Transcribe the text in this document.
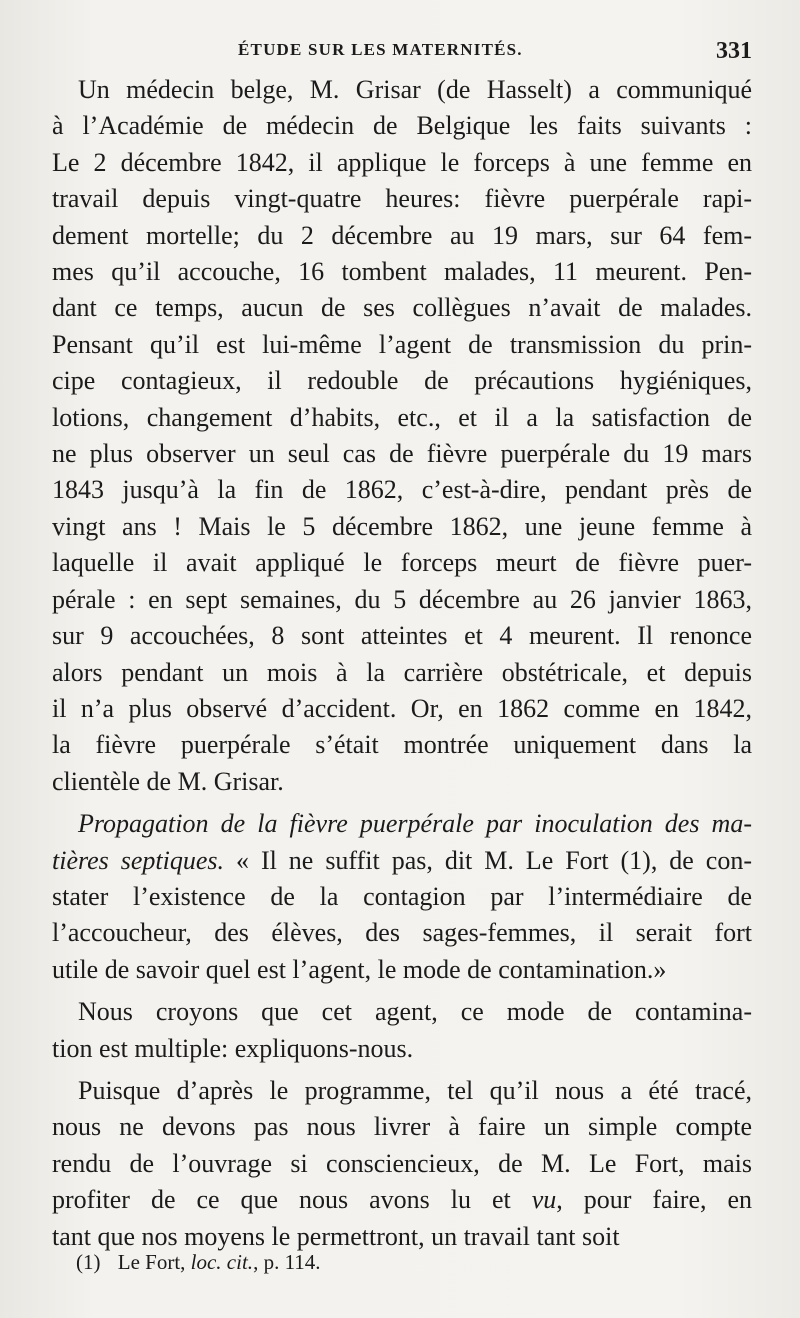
ÉTUDE SUR LES MATERNITÉS.	331
Un médecin belge, M. Grisar (de Hasselt) a communiqué
à l’Académie de médecin de Belgique les faits suivants :
Le 2 décembre 1842, il applique le forceps à une femme en
travail depuis vingt-quatre heures: fièvre puerpérale rapi-
dement mortelle; du 2 décembre au 19 mars, sur 64 fem-
mes qu’il accouche, 16 tombent malades, 11 meurent. Pen-
dant ce temps, aucun de ses collègues n’avait de malades.
Pensant qu’il est lui-même l’agent de transmission du prin-
cipe contagieux, il redouble de précautions hygiéniques,
lotions, changement d’habits, etc., et il a la satisfaction de
ne plus observer un seul cas de fièvre puerpérale du 19 mars
1843 jusqu’à la fin de 1862, c’est-à-dire, pendant près de
vingt ans ! Mais le 5 décembre 1862, une jeune femme à
laquelle il avait appliqué le forceps meurt de fièvre puer-
pérale : en sept semaines, du 5 décembre au 26 janvier 1863,
sur 9 accouchées, 8 sont atteintes et 4 meurent. Il renonce
alors pendant un mois à la carrière obstétricale, et depuis
il n’a plus observé d’accident. Or, en 1862 comme en 1842,
la fièvre puerpérale s’était montrée uniquement dans la
clientèle de M. Grisar.
Propagation de la fièvre puerpérale par inoculation des ma-
tières septiques. « Il ne suffit pas, dit M. Le Fort (1), de con-
stater l’existence de la contagion par l’intermédiaire de
l’accoucheur, des élèves, des sages-femmes, il serait fort
utile de savoir quel est l’agent, le mode de contamination.»
Nous croyons que cet agent, ce mode de contamina-
tion est multiple: expliquons-nous.
Puisque d’après le programme, tel qu’il nous a été tracé,
nous ne devons pas nous livrer à faire un simple compte
rendu de l’ouvrage si consciencieux, de M. Le Fort, mais
profiter de ce que nous avons lu et vu, pour faire, en
tant que nos moyens le permettront, un travail tant soit
(1) Le Fort, loc. cit., p. 114.
